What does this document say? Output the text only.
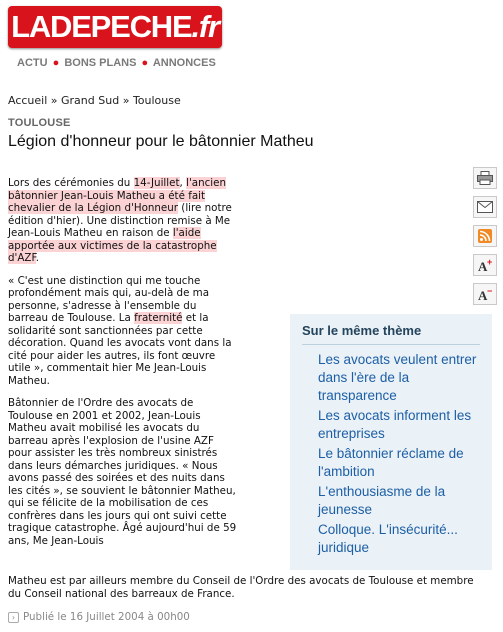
LADEPECHE.fr
ACTU ● BONS PLANS ● ANNONCES
Accueil » Grand Sud » Toulouse
TOULOUSE
Légion d'honneur pour le bâtonnier Matheu

Lors des cérémonies du 14-Juillet, l'ancien bâtonnier Jean-Louis Matheu a été fait chevalier de la Légion d'Honneur (lire notre édition d'hier). Une distinction remise à Me Jean-Louis Matheu en raison de l'aide apportée aux victimes de la catastrophe d'AZF.

« C'est une distinction qui me touche profondément mais qui, au-delà de ma personne, s'adresse à l'ensemble du barreau de Toulouse. La fraternité et la solidarité sont sanctionnées par cette décoration. Quand les avocats vont dans la cité pour aider les autres, ils font œuvre utile », commentait hier Me Jean-Louis Matheu.

Bâtonnier de l'Ordre des avocats de Toulouse en 2001 et 2002, Jean-Louis Matheu avait mobilisé les avocats du barreau après l'explosion de l'usine AZF pour assister les très nombreux sinistrés dans leurs démarches juridiques. « Nous avons passé des soirées et des nuits dans les cités », se souvient le bâtonnier Matheu, qui se félicite de la mobilisation de ces confrères dans les jours qui ont suivi cette tragique catastrophe. Âgé aujourd'hui de 59 ans, Me Jean-Louis

Matheu est par ailleurs membre du Conseil de l'Ordre des avocats de Toulouse et membre du Conseil national des barreaux de France.
› Publié le 16 Juillet 2004 à 00h00
A +
A −
Sur le même thème
Les avocats veulent entrer dans l'ère de la transparence
Les avocats informent les entreprises
Le bâtonnier réclame de l'ambition
L'enthousiasme de la jeunesse
Colloque. L'insécurité... juridique
